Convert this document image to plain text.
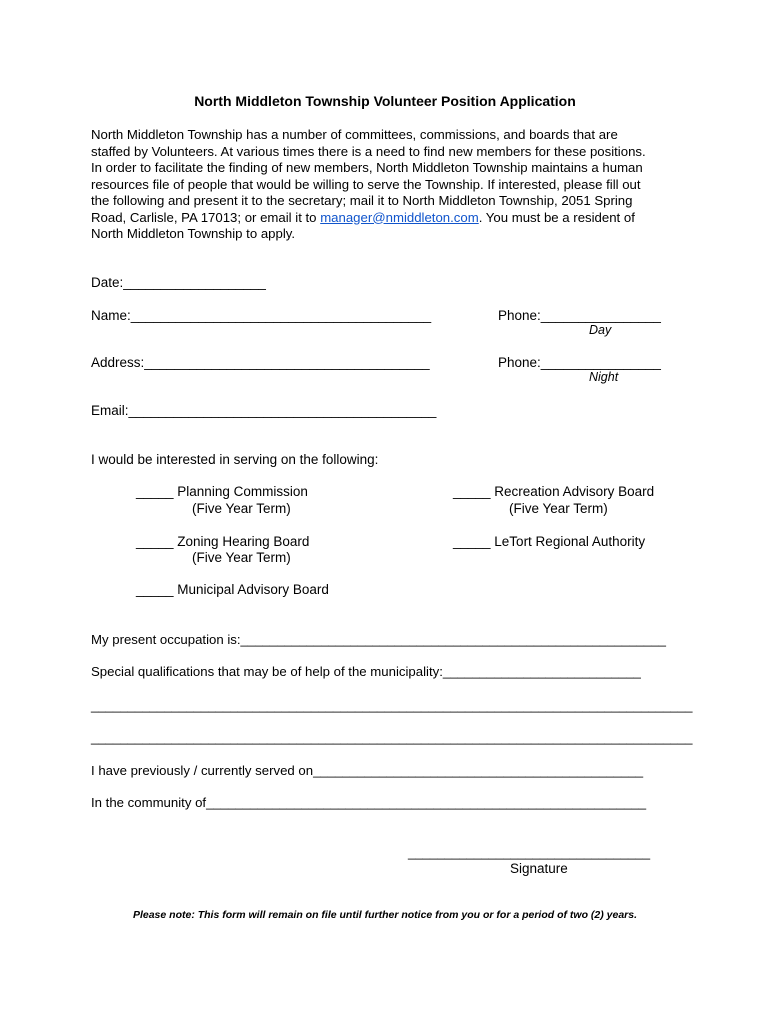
North Middleton Township Volunteer Position Application
North Middleton Township has a number of committees, commissions, and boards that are
staffed by Volunteers. At various times there is a need to find new members for these positions.
In order to facilitate the finding of new members, North Middleton Township maintains a human
resources file of people that would be willing to serve the Township. If interested, please fill out
the following and present it to the secretary; mail it to North Middleton Township, 2051 Spring
Road, Carlisle, PA 17013; or email it to manager@nmiddleton.com. You must be a resident of
North Middleton Township to apply.
Date:___________________
Name:________________________________________	Phone:________________
Day
Address:______________________________________	Phone:________________
Night
Email:_________________________________________
I would be interested in serving on the following:
_____ Planning Commission
(Five Year Term)
_____ Recreation Advisory Board
(Five Year Term)
_____ Zoning Hearing Board
(Five Year Term)
_____ LeTort Regional Authority
_____ Municipal Advisory Board
My present occupation is:__________________________________________________________
Special qualifications that may be of help of the municipality:___________________________
__________________________________________________________________________________
__________________________________________________________________________________
I have previously / currently served on_____________________________________________
In the community of____________________________________________________________
_________________________________
Signature
Please note: This form will remain on file until further notice from you or for a period of two (2) years.
